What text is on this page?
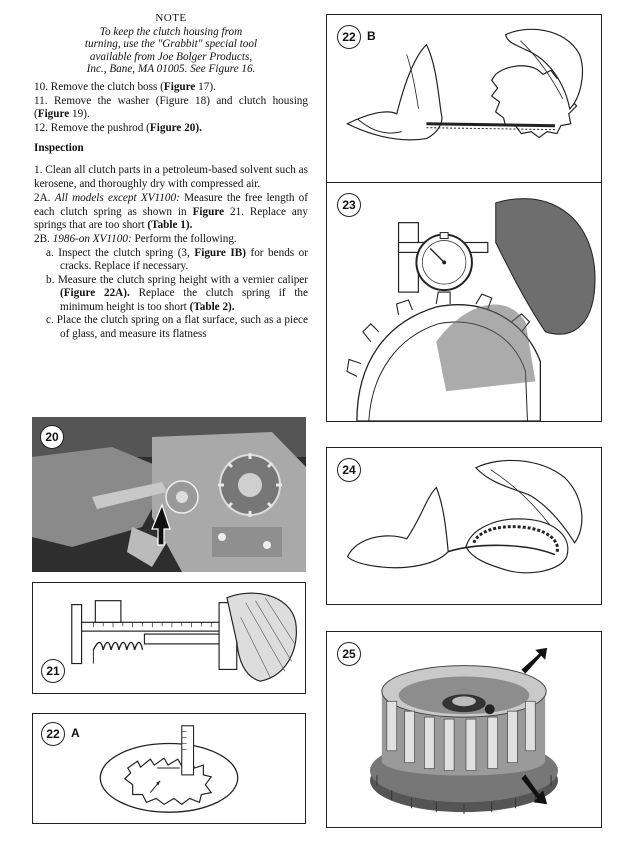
NOTE
To keep the clutch housing from
turning, use the "Grabbit" special tool
available from Joe Bolger Products,
Inc., Bane, MA 01005. See Figure 16.
10. Remove the clutch boss (Figure 17).
11. Remove the washer (Figure 18) and clutch housing (Figure 19).
12. Remove the pushrod (Figure 20).
Inspection
1. Clean all clutch parts in a petroleum-based solvent such as kerosene, and thoroughly dry with compressed air.
2A. All models except XV1100: Measure the free length of each clutch spring as shown in Figure 21. Replace any springs that are too short (Table 1).
2B. 1986-on XV1100: Perform the following.
a. Inspect the clutch spring (3, Figure IB) for bends or cracks. Replace if necessary.
b. Measure the clutch spring height with a vernier caliper (Figure 22A). Replace the clutch spring if the minimum height is too short (Table 2).
c. Place the clutch spring on a flat surface, such as a piece of glass, and measure its flatness
20
21
22 A
22 B
23
24
25
